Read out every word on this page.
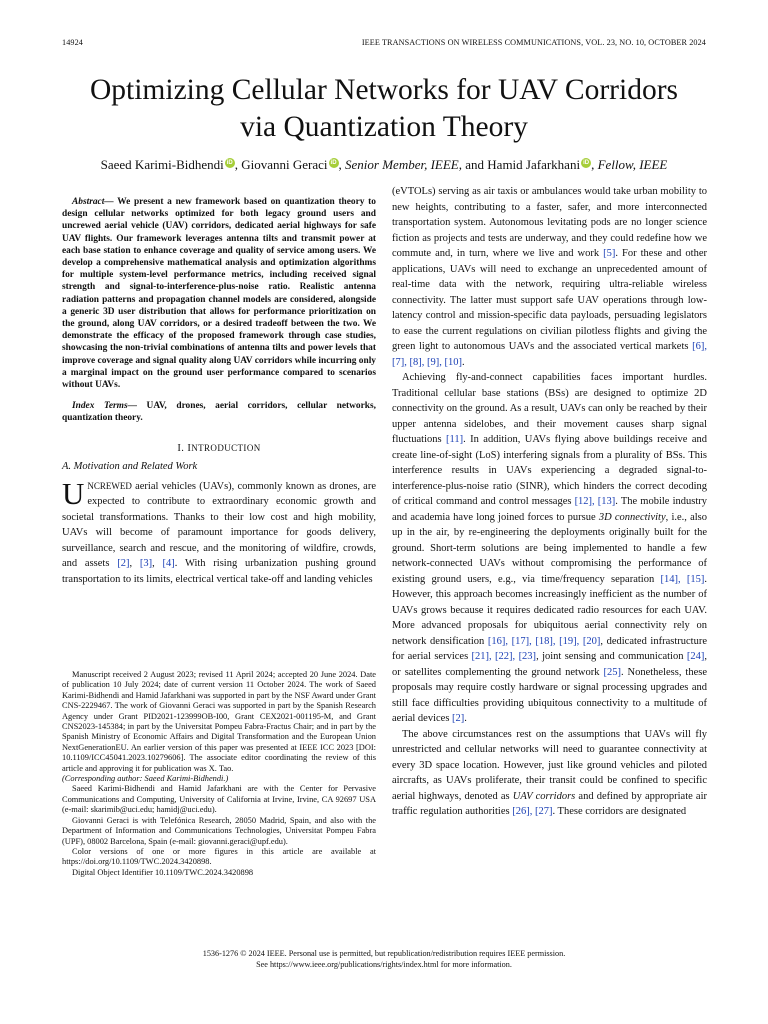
14924	IEEE TRANSACTIONS ON WIRELESS COMMUNICATIONS, VOL. 23, NO. 10, OCTOBER 2024
Optimizing Cellular Networks for UAV Corridors
via Quantization Theory
Saeed Karimi-Bidhendi iD , Giovanni Geraci iD , Senior Member, IEEE, and Hamid Jafarkhani iD , Fellow, IEEE
Abstract— We present a new framework based on quantization theory to design cellular networks optimized for both legacy ground users and uncrewed aerial vehicle (UAV) corridors, dedicated aerial highways for safe UAV flights. Our framework leverages antenna tilts and transmit power at each base station to enhance coverage and quality of service among users. We develop a comprehensive mathematical analysis and optimization algorithms for multiple system-level performance metrics, including received signal strength and signal-to-interference-plus-noise ratio. Realistic antenna radiation patterns and propagation channel models are considered, alongside a generic 3D user distribution that allows for performance prioritization on the ground, along UAV corridors, or a desired tradeoff between the two. We demonstrate the efficacy of the proposed framework through case studies, showcasing the non-trivial combinations of antenna tilts and power levels that improve coverage and signal quality along UAV corridors while incurring only a marginal impact on the ground user performance compared to scenarios without UAVs.
Index Terms— UAV, drones, aerial corridors, cellular networks, quantization theory.
I. INTRODUCTION
A. Motivation and Related Work
UNCREWED aerial vehicles (UAVs), commonly known as drones, are expected to contribute to extraordinary economic growth and societal transformations. Thanks to their low cost and high mobility, UAVs will become of paramount importance for goods delivery, surveillance, search and rescue, and the monitoring of wildfire, crowds, and assets [2], [3], [4]. With rising urbanization pushing ground transportation to its limits, electrical vertical take-off and landing vehicles

Manuscript received 2 August 2023; revised 11 April 2024; accepted 20 June 2024. Date of publication 10 July 2024; date of current version 11 October 2024. The work of Saeed Karimi-Bidhendi and Hamid Jafarkhani was supported in part by the NSF Award under Grant CNS-2229467. The work of Giovanni Geraci was supported in part by the Spanish Research Agency under Grant PID2021-123999OB-I00, Grant CEX2021-001195-M, and Grant CNS2023-145384; in part by the Universitat Pompeu Fabra-Fractus Chair; and in part by the Spanish Ministry of Economic Affairs and Digital Transformation and the European Union NextGenerationEU. An earlier version of this paper was presented at IEEE ICC 2023 [DOI: 10.1109/ICC45041.2023.10279606]. The associate editor coordinating the review of this article and approving it for publication was X. Tao.
(Corresponding author: Saeed Karimi-Bidhendi.)

Saeed Karimi-Bidhendi and Hamid Jafarkhani are with the Center for Pervasive Communications and Computing, University of California at Irvine, Irvine, CA 92697 USA (e-mail: skarimib@uci.edu; hamidj@uci.edu).

Giovanni Geraci is with Telefónica Research, 28050 Madrid, Spain, and also with the Department of Information and Communications Technologies, Universitat Pompeu Fabra (UPF), 08002 Barcelona, Spain (e-mail: giovanni.geraci@upf.edu).

Color versions of one or more figures in this article are available at https://doi.org/10.1109/TWC.2024.3420898.

Digital Object Identifier 10.1109/TWC.2024.3420898

(eVTOLs) serving as air taxis or ambulances would take urban mobility to new heights, contributing to a faster, safer, and more interconnected transportation system. Autonomous levitating pods are no longer science fiction as projects and tests are underway, and they could redefine how we commute and, in turn, where we live and work [5]. For these and other applications, UAVs will need to exchange an unprecedented amount of real-time data with the network, requiring ultra-reliable wireless connectivity. The latter must support safe UAV operations through low-latency control and mission-specific data payloads, persuading legislators to ease the current regulations on civilian pilotless flights and giving the green light to autonomous UAVs and the associated vertical markets [6], [7], [8], [9], [10].

Achieving fly-and-connect capabilities faces important hurdles. Traditional cellular base stations (BSs) are designed to optimize 2D connectivity on the ground. As a result, UAVs can only be reached by their upper antenna sidelobes, and their movement causes sharp signal fluctuations [11]. In addition, UAVs flying above buildings receive and create line-of-sight (LoS) interfering signals from a plurality of BSs. This interference results in UAVs experiencing a degraded signal-to-interference-plus-noise ratio (SINR), which hinders the correct decoding of critical command and control messages [12], [13]. The mobile industry and academia have long joined forces to pursue 3D connectivity, i.e., also up in the air, by re-engineering the deployments originally built for the ground. Short-term solutions are being implemented to handle a few network-connected UAVs without compromising the performance of existing ground users, e.g., via time/frequency separation [14], [15]. However, this approach becomes increasingly inefficient as the number of UAVs grows because it requires dedicated radio resources for each UAV. More advanced proposals for ubiquitous aerial connectivity rely on network densification [16], [17], [18], [19], [20], dedicated infrastructure for aerial services [21], [22], [23], joint sensing and communication [24], or satellites complementing the ground network [25]. Nonetheless, these proposals may require costly hardware or signal processing upgrades and still face difficulties providing ubiquitous connectivity to a multitude of aerial devices [2].

The above circumstances rest on the assumptions that UAVs will fly unrestricted and cellular networks will need to guarantee connectivity at every 3D space location. However, just like ground vehicles and piloted aircrafts, as UAVs proliferate, their transit could be confined to specific aerial highways, denoted as UAV corridors and defined by appropriate air traffic regulation authorities [26], [27]. These corridors are designated

1536-1276 © 2024 IEEE. Personal use is permitted, but republication/redistribution requires IEEE permission.
See https://www.ieee.org/publications/rights/index.html for more information.
